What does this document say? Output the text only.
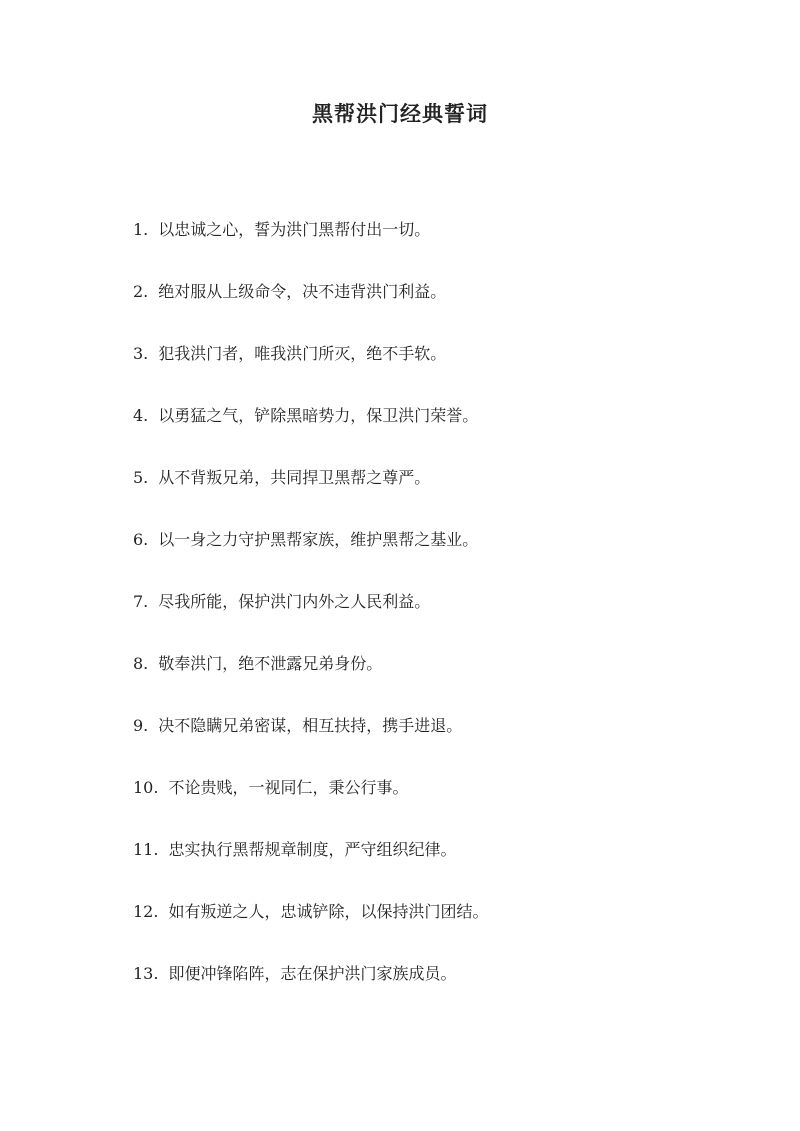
黑帮洪门经典誓词
1. 以忠诚之心，誓为洪门黑帮付出一切。
2. 绝对服从上级命令，决不违背洪门利益。
3. 犯我洪门者，唯我洪门所灭，绝不手软。
4. 以勇猛之气，铲除黑暗势力，保卫洪门荣誉。
5. 从不背叛兄弟，共同捍卫黑帮之尊严。
6. 以一身之力守护黑帮家族，维护黑帮之基业。
7. 尽我所能，保护洪门内外之人民利益。
8. 敬奉洪门，绝不泄露兄弟身份。
9. 决不隐瞒兄弟密谋，相互扶持，携手进退。
10. 不论贵贱，一视同仁，秉公行事。
11. 忠实执行黑帮规章制度，严守组织纪律。
12. 如有叛逆之人，忠诚铲除，以保持洪门团结。
13. 即便冲锋陷阵，志在保护洪门家族成员。
